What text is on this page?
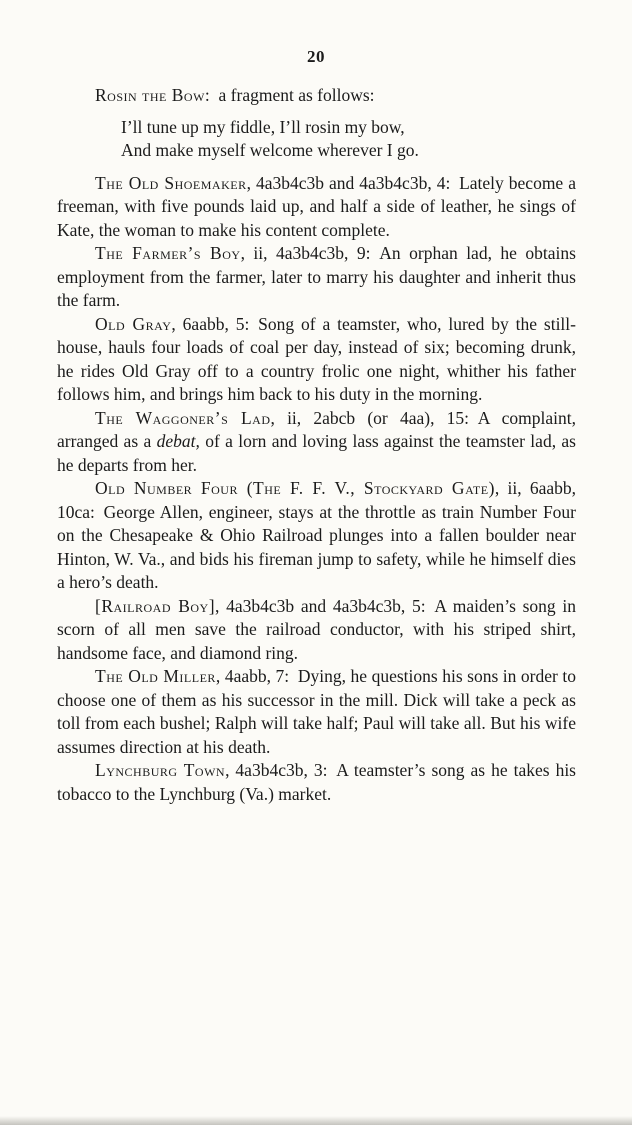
20

Rosin the Bow: a fragment as follows:

I’ll tune up my fiddle, I’ll rosin my bow,
And make myself welcome wherever I go.

The Old Shoemaker, 4a3b4c3b and 4a3b4c3b, 4: Lately become a freeman, with five pounds laid up, and half a side of leather, he sings of Kate, the woman to make his content complete.

The Farmer’s Boy, ii, 4a3b4c3b, 9: An orphan lad, he obtains employment from the farmer, later to marry his daughter and inherit thus the farm.

Old Gray, 6aabb, 5: Song of a teamster, who, lured by the still-house, hauls four loads of coal per day, instead of six; becoming drunk, he rides Old Gray off to a country frolic one night, whither his father follows him, and brings him back to his duty in the morning.

The Waggoner’s Lad, ii, 2abcb (or 4aa), 15: A complaint, arranged as a debat, of a lorn and loving lass against the teamster lad, as he departs from her.

Old Number Four (The F. F. V., Stockyard Gate), ii, 6aabb, 10ca: George Allen, engineer, stays at the throttle as train Number Four on the Chesapeake & Ohio Railroad plunges into a fallen boulder near Hinton, W. Va., and bids his fireman jump to safety, while he himself dies a hero’s death.

[Railroad Boy], 4a3b4c3b and 4a3b4c3b, 5: A maiden’s song in scorn of all men save the railroad conductor, with his striped shirt, handsome face, and diamond ring.

The Old Miller, 4aabb, 7: Dying, he questions his sons in order to choose one of them as his successor in the mill. Dick will take a peck as toll from each bushel; Ralph will take half; Paul will take all. But his wife assumes direction at his death.

Lynchburg Town, 4a3b4c3b, 3: A teamster’s song as he takes his tobacco to the Lynchburg (Va.) market.
